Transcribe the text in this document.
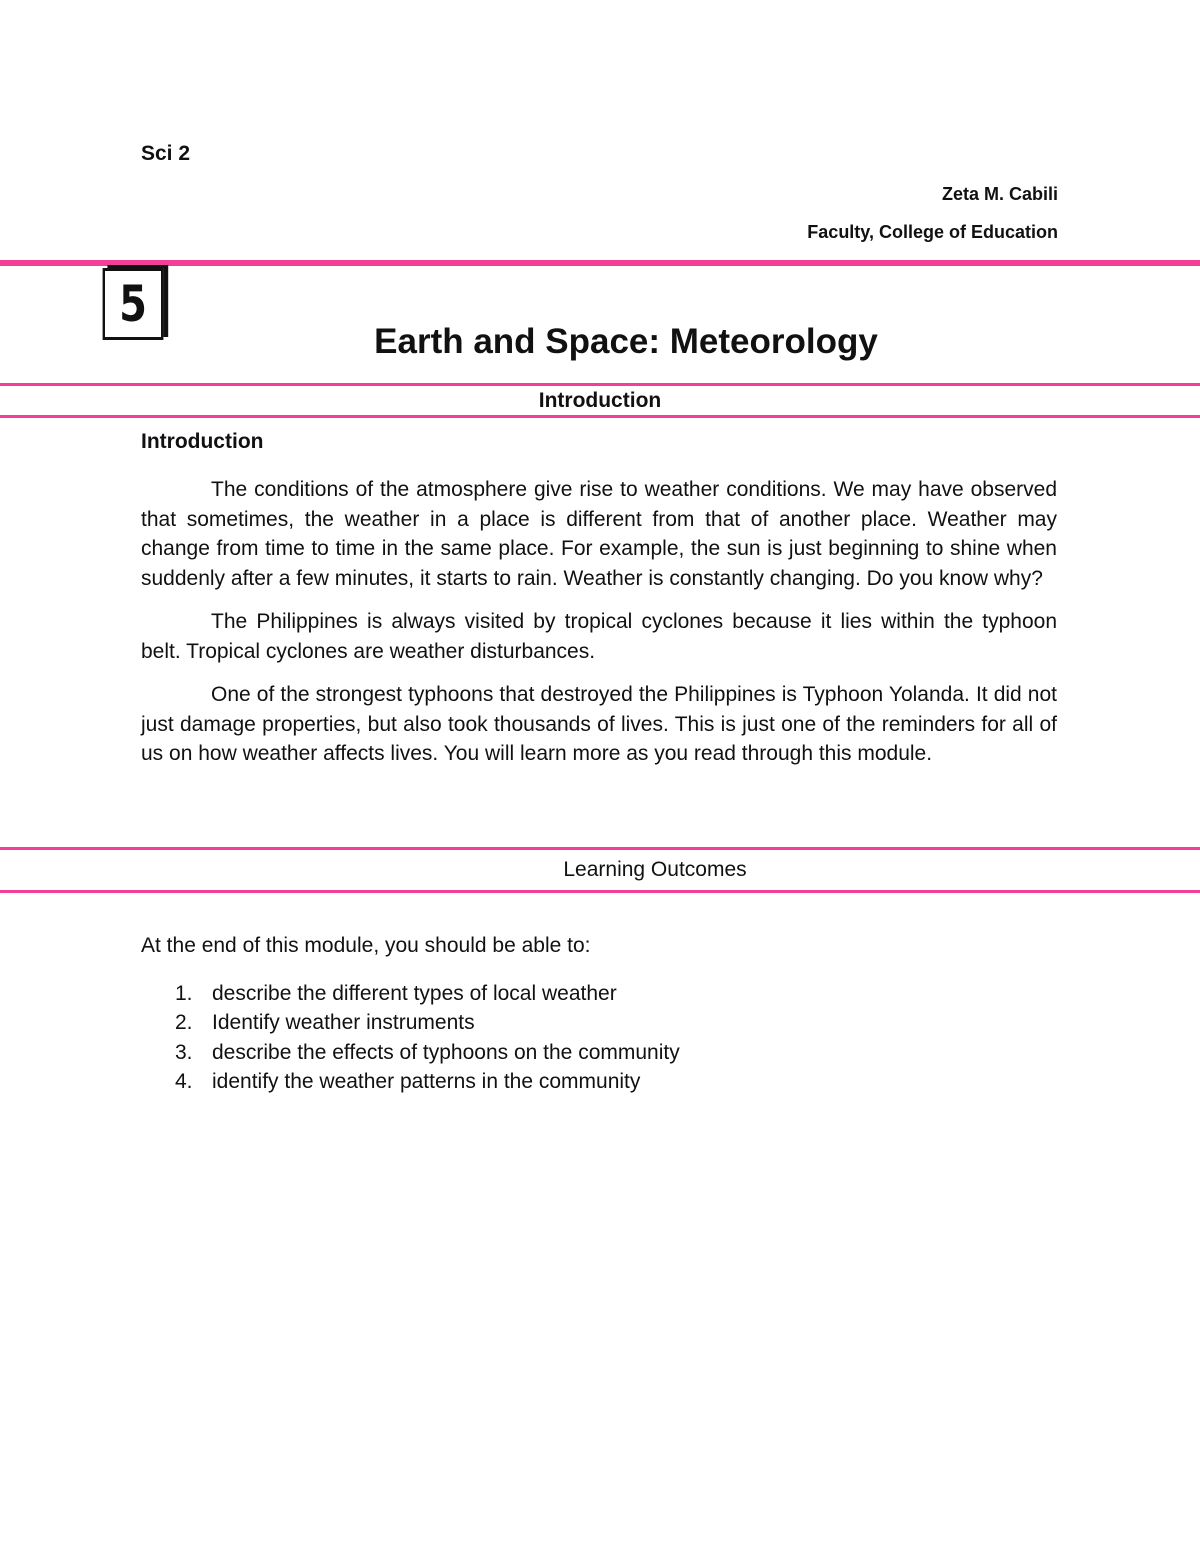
Sci 2
Zeta M. Cabili
Faculty, College of Education
5
Earth and Space: Meteorology
Introduction
Introduction

The conditions of the atmosphere give rise to weather conditions. We may have observed that sometimes, the weather in a place is different from that of another place. Weather may change from time to time in the same place. For example, the sun is just beginning to shine when suddenly after a few minutes, it starts to rain. Weather is constantly changing. Do you know why?

The Philippines is always visited by tropical cyclones because it lies within the typhoon belt. Tropical cyclones are weather disturbances.

One of the strongest typhoons that destroyed the Philippines is Typhoon Yolanda. It did not just damage properties, but also took thousands of lives. This is just one of the reminders for all of us on how weather affects lives. You will learn more as you read through this module.

Learning Outcomes
At the end of this module, you should be able to:
1. describe the different types of local weather
2. Identify weather instruments
3. describe the effects of typhoons on the community
4. identify the weather patterns in the community
